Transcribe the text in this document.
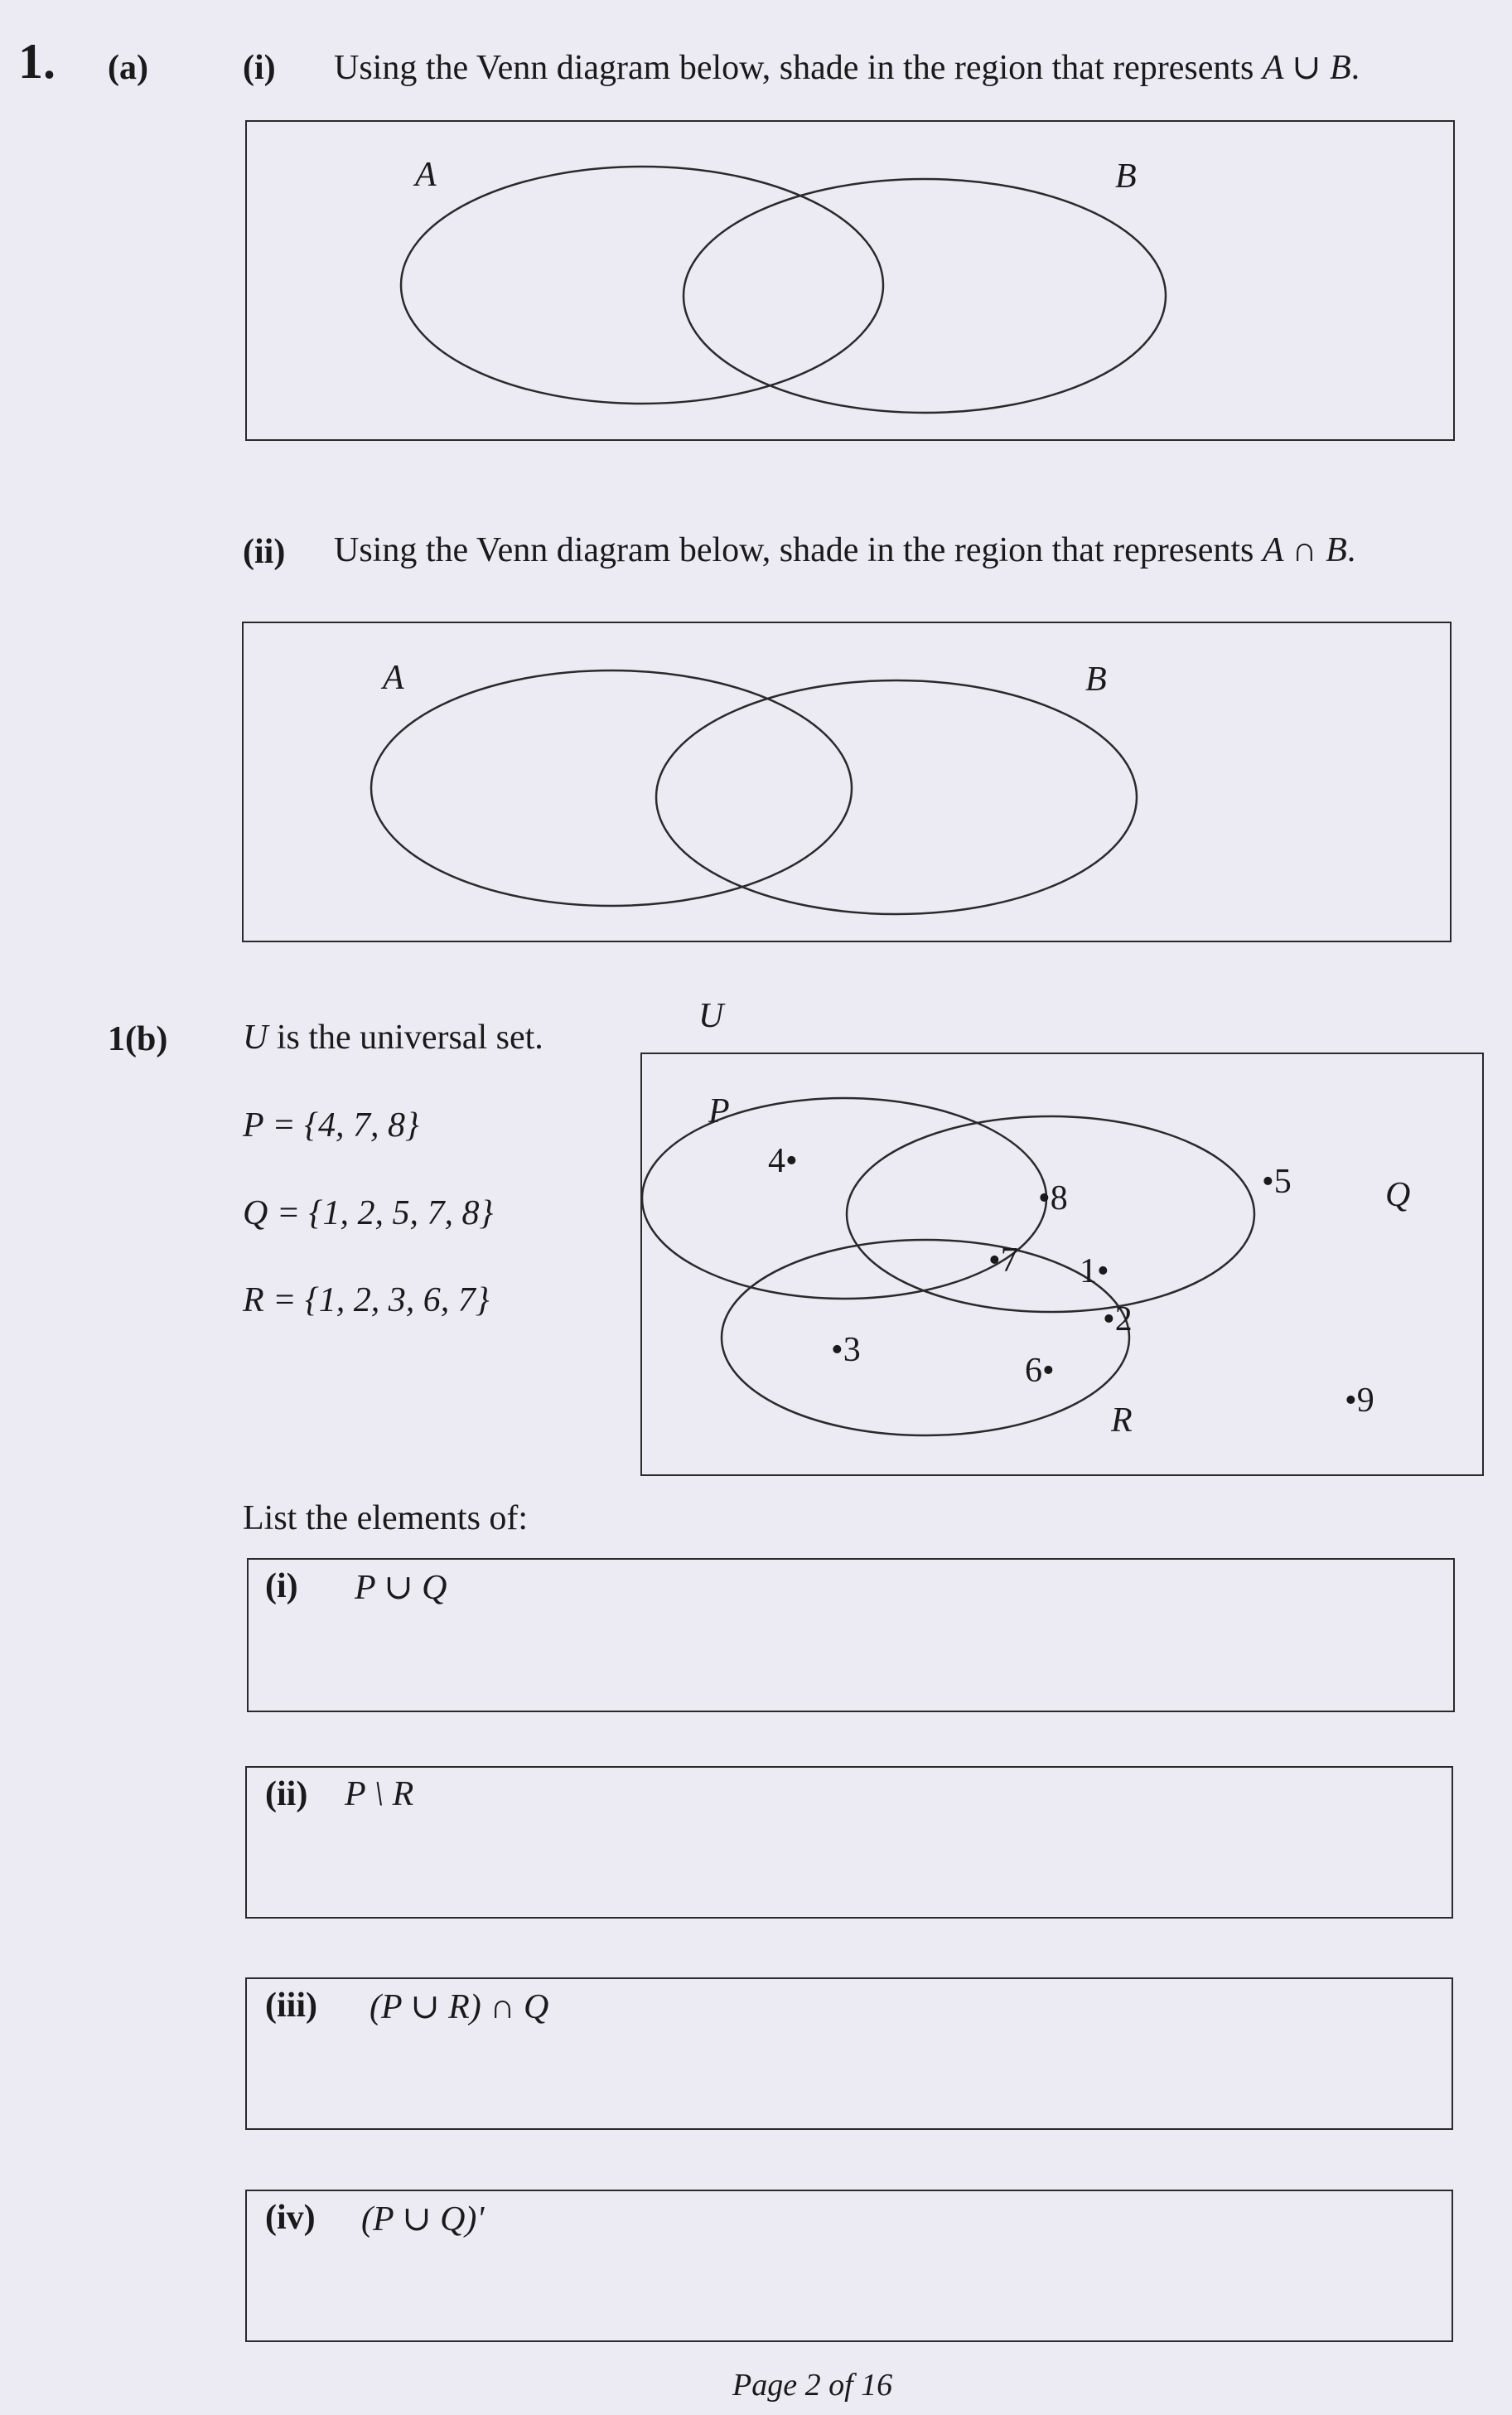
1. (a)	(i) Using the Venn diagram below, shade in the region that represents A ∪ B.
A	B
(ii) Using the Venn diagram below, shade in the region that represents A ∩ B.
A	B
1(b) U is the universal set.
P = {4, 7, 8}
Q = {1, 2, 5, 7, 8}
R = {1, 2, 3, 6, 7}
U
P
Q
R
4•
•8	•5
•7 1•
•2
•3
6•
•9
List the elements of:
(i) P ∪ Q
(ii) P \ R
(iii) (P ∪ R) ∩ Q
(iv) (P ∪ Q)'
Page 2 of 16
